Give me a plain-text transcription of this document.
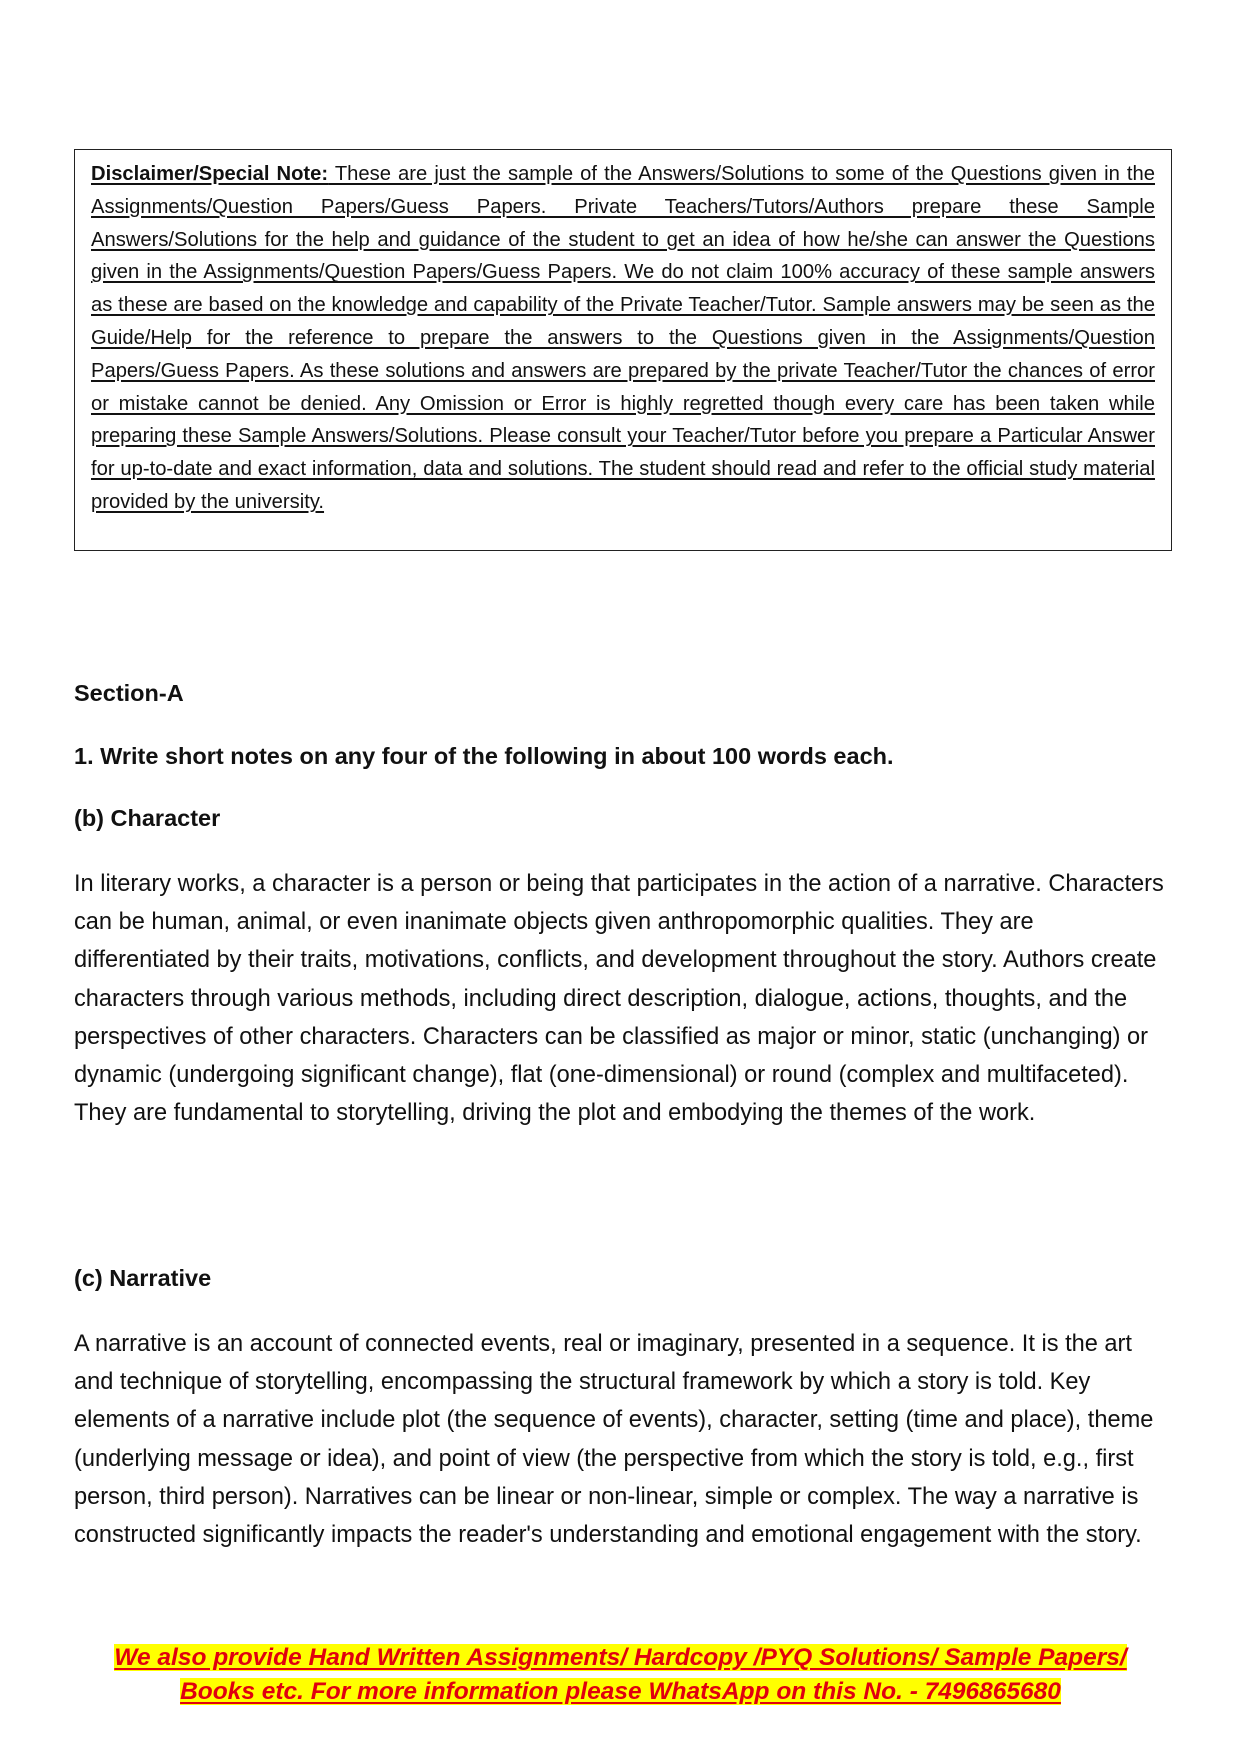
Disclaimer/Special Note: These are just the sample of the Answers/Solutions to some of the Questions given in the Assignments/Question Papers/Guess Papers. Private Teachers/Tutors/Authors prepare these Sample Answers/Solutions for the help and guidance of the student to get an idea of how he/she can answer the Questions given in the Assignments/Question Papers/Guess Papers. We do not claim 100% accuracy of these sample answers as these are based on the knowledge and capability of the Private Teacher/Tutor. Sample answers may be seen as the Guide/Help for the reference to prepare the answers to the Questions given in the Assignments/Question Papers/Guess Papers. As these solutions and answers are prepared by the private Teacher/Tutor the chances of error or mistake cannot be denied. Any Omission or Error is highly regretted though every care has been taken while preparing these Sample Answers/Solutions. Please consult your Teacher/Tutor before you prepare a Particular Answer for up-to-date and exact information, data and solutions. The student should read and refer to the official study material provided by the university.

Section-A
1. Write short notes on any four of the following in about 100 words each.
(b) Character

In literary works, a character is a person or being that participates in the action of a narrative. Characters can be human, animal, or even inanimate objects given anthropomorphic qualities. They are differentiated by their traits, motivations, conflicts, and development throughout the story. Authors create characters through various methods, including direct description, dialogue, actions, thoughts, and the perspectives of other characters. Characters can be classified as major or minor, static (unchanging) or dynamic (undergoing significant change), flat (one-dimensional) or round (complex and multifaceted). They are fundamental to storytelling, driving the plot and embodying the themes of the work.

(c) Narrative

A narrative is an account of connected events, real or imaginary, presented in a sequence. It is the art and technique of storytelling, encompassing the structural framework by which a story is told. Key elements of a narrative include plot (the sequence of events), character, setting (time and place), theme (underlying message or idea), and point of view (the perspective from which the story is told, e.g., first person, third person). Narratives can be linear or non-linear, simple or complex. The way a narrative is constructed significantly impacts the reader's understanding and emotional engagement with the story.

We also provide Hand Written Assignments/ Hardcopy /PYQ Solutions/ Sample Papers/
Books etc. For more information please WhatsApp on this No. - 7496865680
